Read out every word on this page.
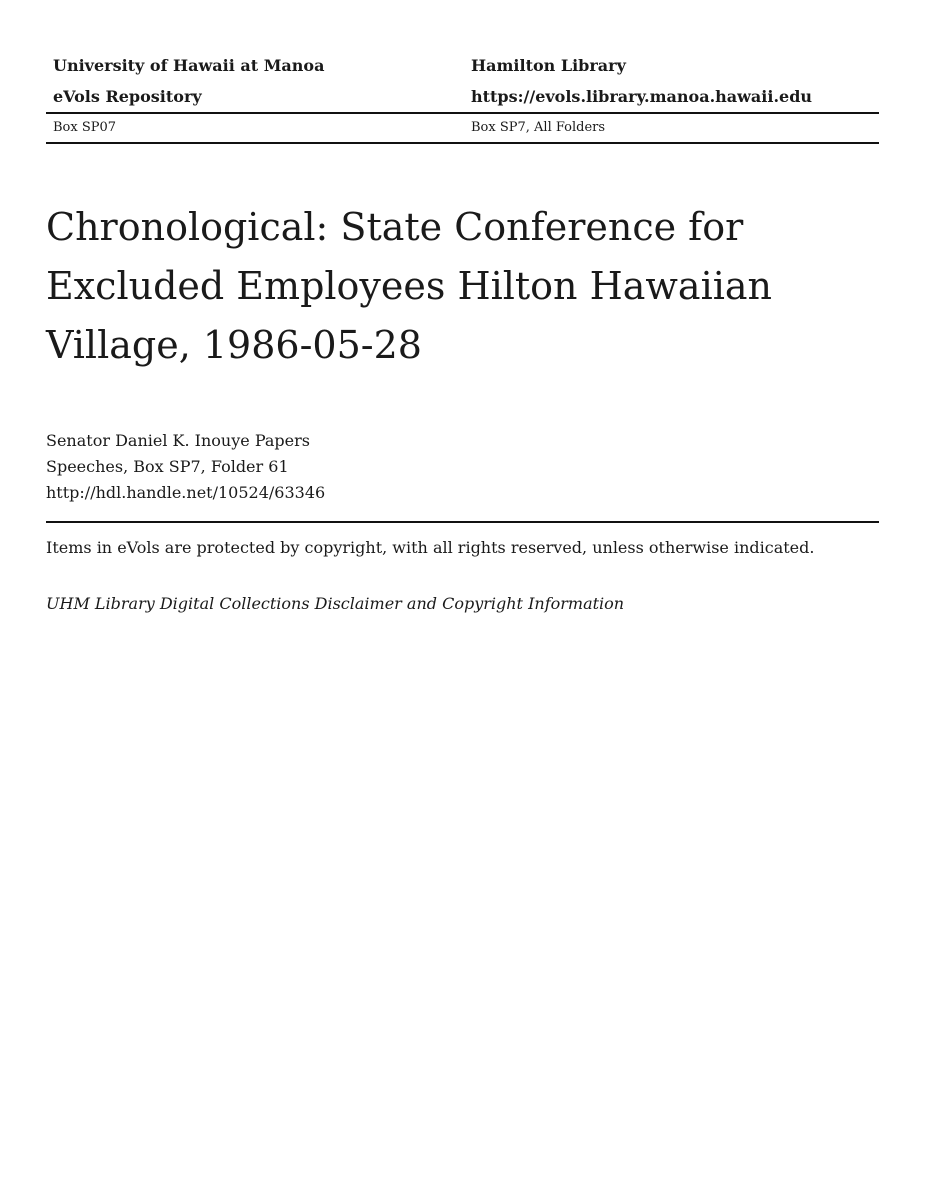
University of Hawaii at Manoa	Hamilton Library
eVols Repository	https://evols.library.manoa.hawaii.edu
Box SP07	Box SP7, All Folders
Chronological: State Conference for Excluded Employees Hilton Hawaiian Village, 1986-05-28
Senator Daniel K. Inouye Papers
Speeches, Box SP7, Folder 61
http://hdl.handle.net/10524/63346
Items in eVols are protected by copyright, with all rights reserved, unless otherwise indicated.
UHM Library Digital Collections Disclaimer and Copyright Information
